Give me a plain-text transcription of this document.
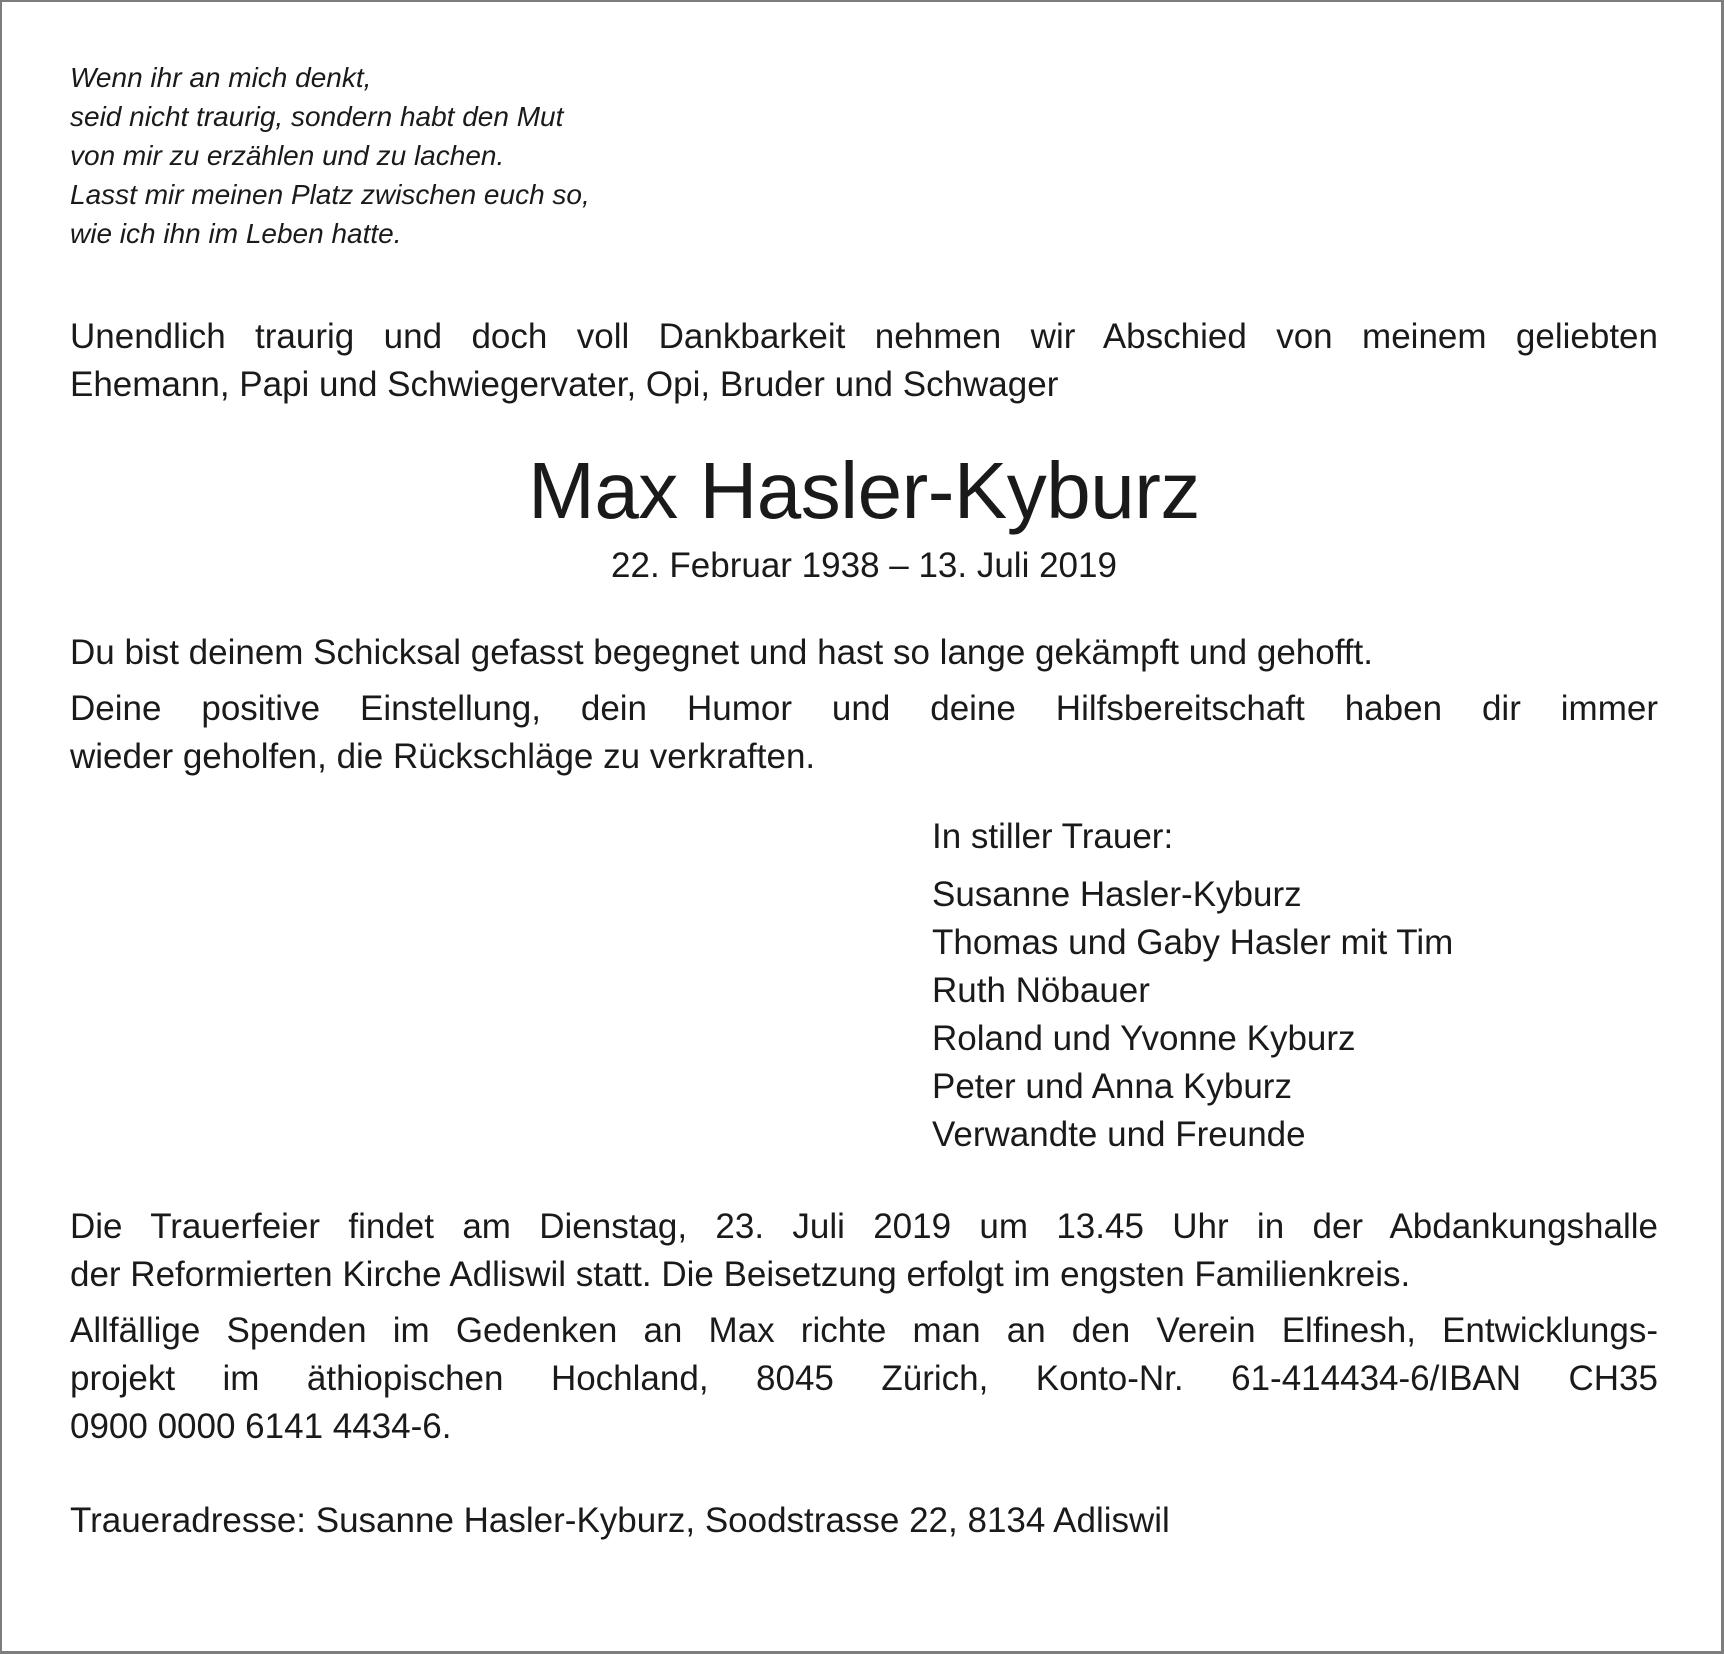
Wenn ihr an mich denkt,
seid nicht traurig, sondern habt den Mut
von mir zu erzählen und zu lachen.
Lasst mir meinen Platz zwischen euch so,
wie ich ihn im Leben hatte.
Unendlich traurig und doch voll Dankbarkeit nehmen wir Abschied von meinem geliebten
Ehemann, Papi und Schwiegervater, Opi, Bruder und Schwager
Max Hasler-Kyburz
22. Februar 1938 – 13. Juli 2019
Du bist deinem Schicksal gefasst begegnet und hast so lange gekämpft und gehofft.
Deine positive Einstellung, dein Humor und deine Hilfsbereitschaft haben dir immer
wieder geholfen, die Rückschläge zu verkraften.
In stiller Trauer:
Susanne Hasler-Kyburz
Thomas und Gaby Hasler mit Tim
Ruth Nöbauer
Roland und Yvonne Kyburz
Peter und Anna Kyburz
Verwandte und Freunde
Die Trauerfeier findet am Dienstag, 23. Juli 2019 um 13.45 Uhr in der Abdankungshalle
der Reformierten Kirche Adliswil statt. Die Beisetzung erfolgt im engsten Familienkreis.
Allfällige Spenden im Gedenken an Max richte man an den Verein Elfinesh, Entwicklungs-
projekt im äthiopischen Hochland, 8045 Zürich, Konto-Nr. 61-414434-6/IBAN CH35
0900 0000 6141 4434-6.
Traueradresse: Susanne Hasler-Kyburz, Soodstrasse 22, 8134 Adliswil
